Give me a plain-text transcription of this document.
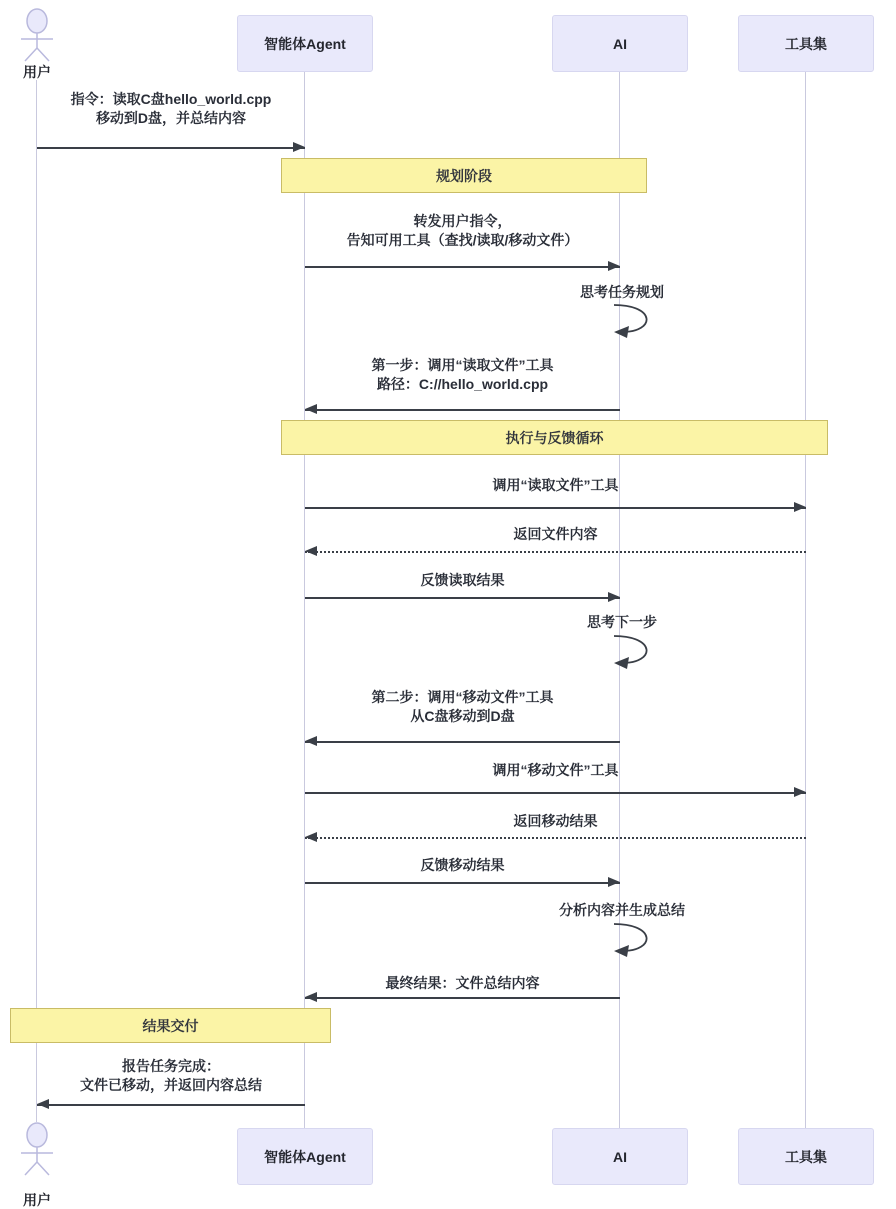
用户
智能体Agent	AI	工具集
指令：读取C盘hello_world.cpp
移动到D盘，并总结内容
规划阶段
转发用户指令，
告知可用工具（查找/读取/移动文件）
思考任务规划
第一步：调用“读取文件”工具
路径：C://hello_world.cpp
执行与反馈循环
调用“读取文件”工具
返回文件内容
反馈读取结果
思考下一步
第二步：调用“移动文件”工具
从C盘移动到D盘
调用“移动文件”工具
返回移动结果
反馈移动结果
分析内容并生成总结
最终结果：文件总结内容
结果交付
报告任务完成：
文件已移动，并返回内容总结
用户
智能体Agent	AI	工具集
